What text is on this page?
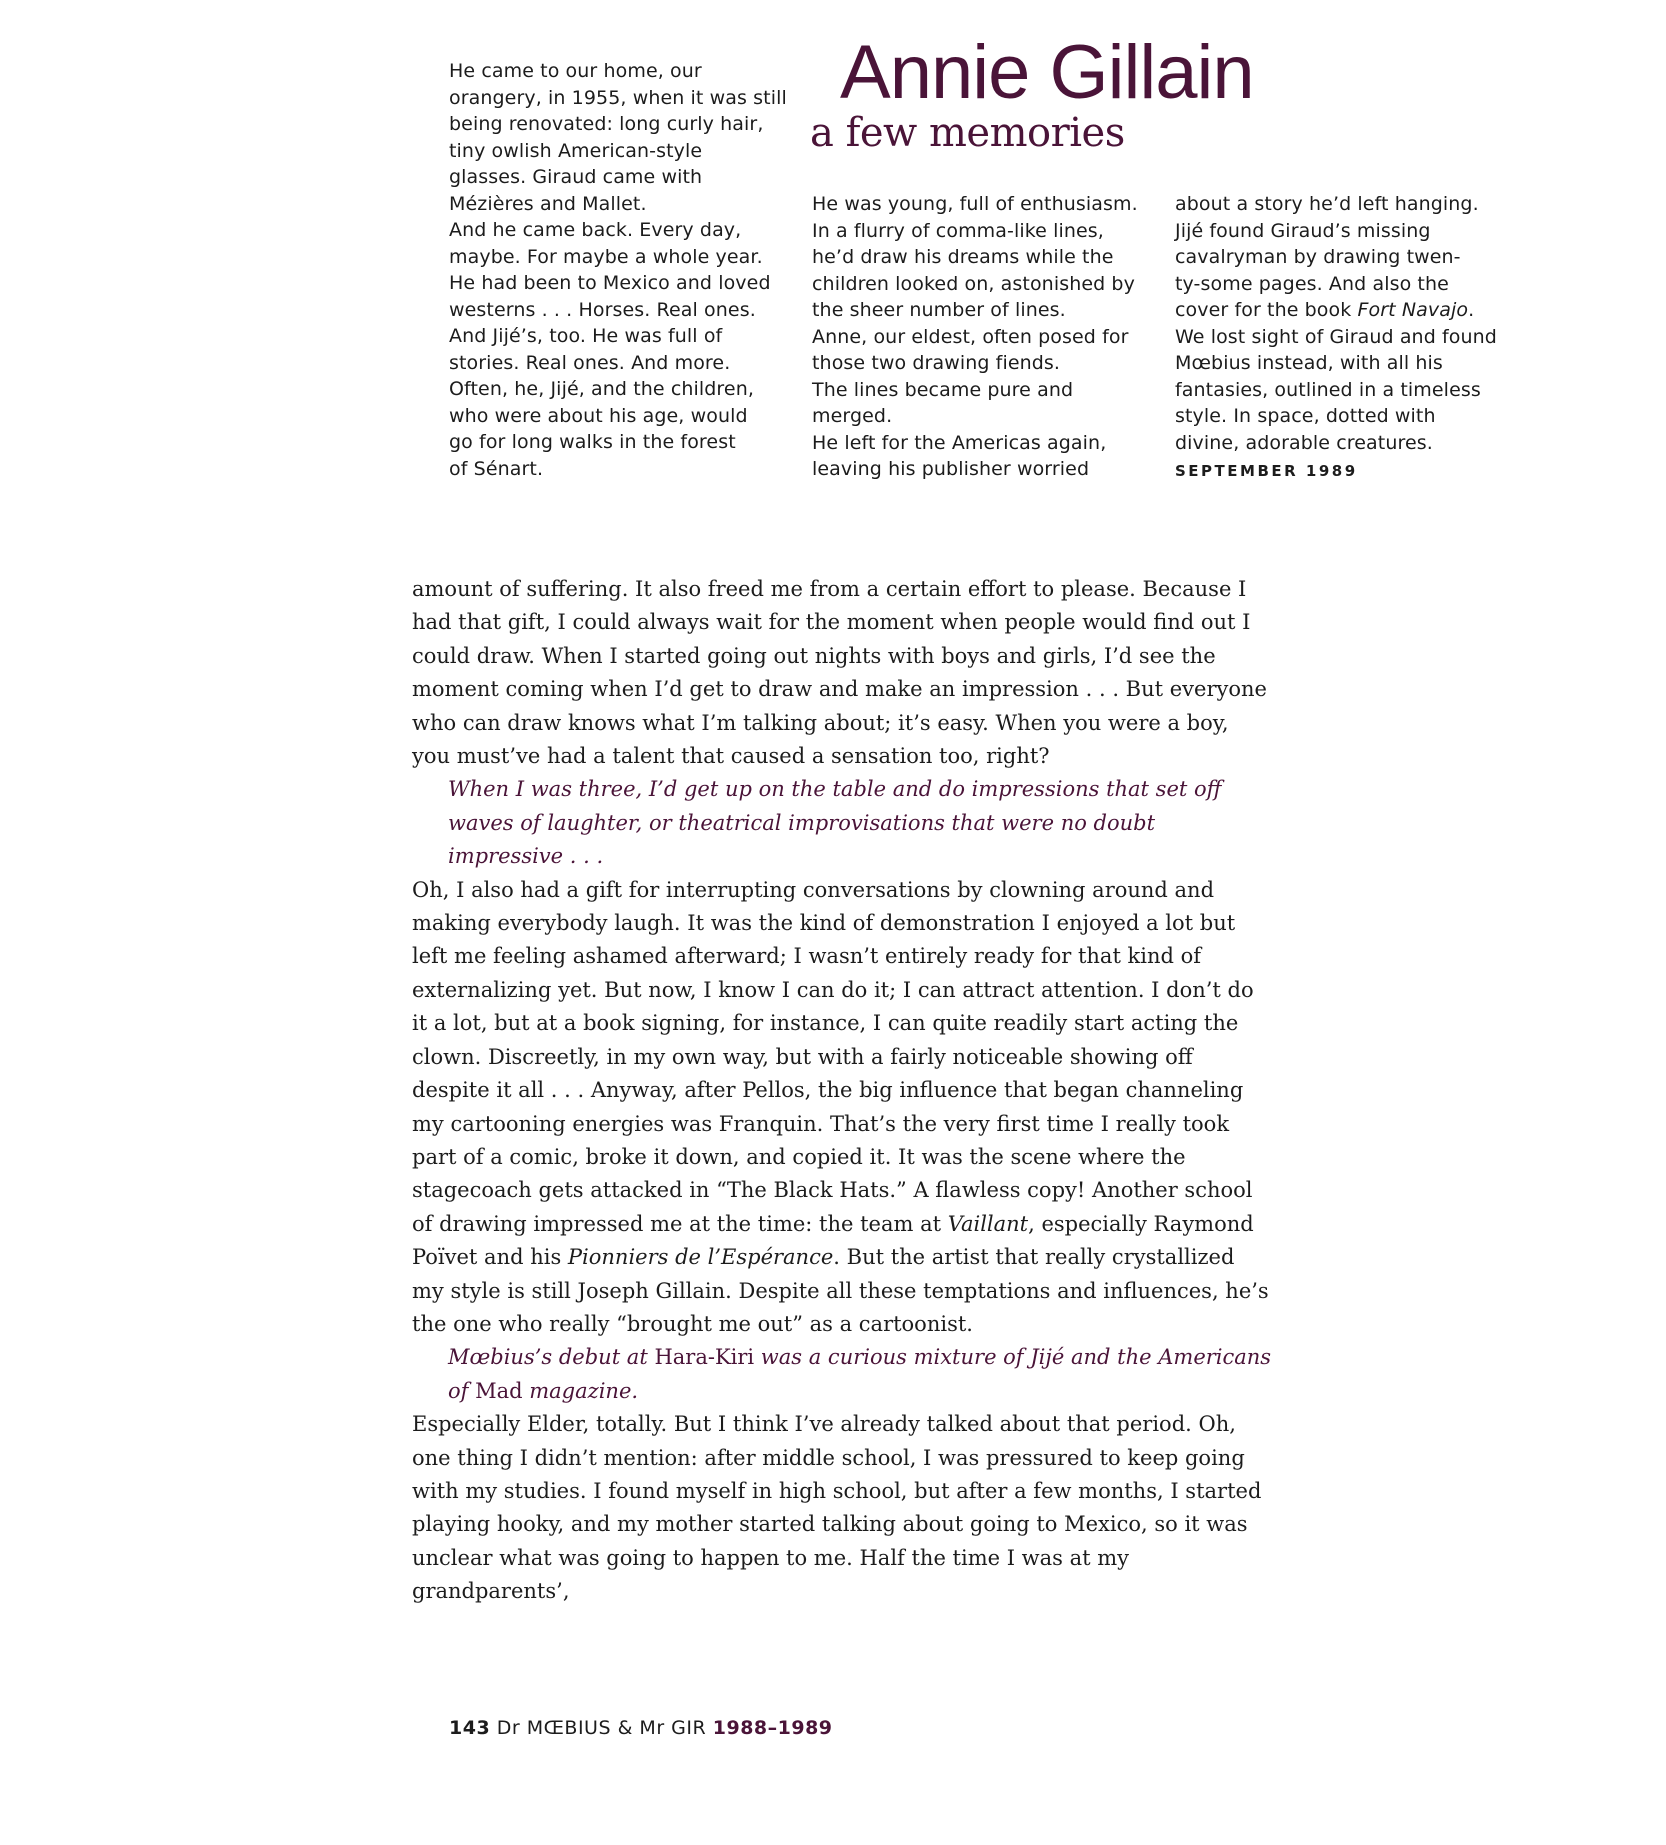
Annie Gillain
a few memories

He came to our home, our

orangery, in 1955, when it was still

being renovated: long curly hair,

tiny owlish American-style

glasses. Giraud came with

Mézières and Mallet.

And he came back. Every day,

maybe. For maybe a whole year.

He had been to Mexico and loved

westerns . . . Horses. Real ones.

And Jijé’s, too. He was full of

stories. Real ones. And more.

Often, he, Jijé, and the children,

who were about his age, would

go for long walks in the forest

of Sénart.

He was young, full of enthusiasm.

In a flurry of comma-like lines,

he’d draw his dreams while the

children looked on, astonished by

the sheer number of lines.

Anne, our eldest, often posed for

those two drawing fiends.

The lines became pure and

merged.

He left for the Americas again,

leaving his publisher worried

about a story he’d left hanging.

Jijé found Giraud’s missing

cavalryman by drawing twen-

ty-some pages. And also the

cover for the book Fort Navajo.

We lost sight of Giraud and found

Mœbius instead, with all his

fantasies, outlined in a timeless

style. In space, dotted with

divine, adorable creatures.

SEPTEMBER 1989

amount of suffering. It also freed me from a certain effort to please. Because I had that gift, I could always wait for the moment when people would find out I could draw. When I started going out nights with boys and girls, I’d see the moment coming when I’d get to draw and make an impression . . . But everyone who can draw knows what I’m talking about; it’s easy. When you were a boy, you must’ve had a talent that caused a sensation too, right?

When I was three, I’d get up on the table and do impressions that set off waves of laughter, or theatrical improvisations that were no doubt impressive . . .

Oh, I also had a gift for interrupting conversations by clowning around and making everybody laugh. It was the kind of demonstration I enjoyed a lot but left me feeling ashamed afterward; I wasn’t entirely ready for that kind of externalizing yet. But now, I know I can do it; I can attract attention. I don’t do it a lot, but at a book signing, for instance, I can quite readily start acting the clown. Discreetly, in my own way, but with a fairly noticeable showing off despite it all . . . Anyway, after Pellos, the big influence that began channeling my cartooning energies was Franquin. That’s the very first time I really took part of a comic, broke it down, and copied it. It was the scene where the stagecoach gets attacked in “The Black Hats.” A flawless copy! Another school of drawing impressed me at the time: the team at Vaillant, especially Raymond Poïvet and his Pionniers de l’Espérance. But the artist that really crystallized my style is still Joseph Gillain. Despite all these temptations and influences, he’s the one who really “brought me out” as a cartoonist.

Mœbius’s debut at Hara-Kiri was a curious mixture of Jijé and the Americans of Mad magazine.

Especially Elder, totally. But I think I’ve already talked about that period. Oh, one thing I didn’t mention: after middle school, I was pressured to keep going with my studies. I found myself in high school, but after a few months, I started playing hooky, and my mother started talking about going to Mexico, so it was unclear what was going to happen to me. Half the time I was at my grandparents’,

143 Dr MŒBIUS & Mr GIR 1988–1989
